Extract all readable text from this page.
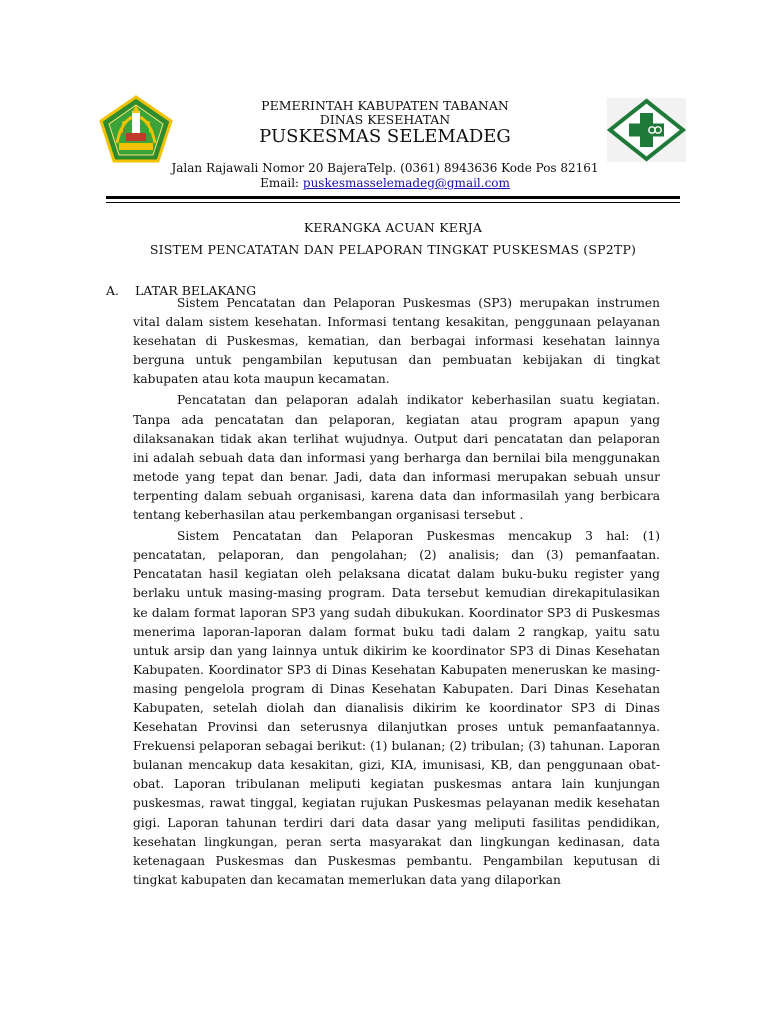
PEMERINTAH KABUPATEN TABANAN
DINAS KESEHATAN
PUSKESMAS SELEMADEG
Jalan Rajawali Nomor 20 BajeraTelp. (0361) 8943636 Kode Pos 82161
Email: puskesmasselemadeg@gmail.com
KERANGKA ACUAN KERJA
SISTEM PENCATATAN DAN PELAPORAN TINGKAT PUSKESMAS (SP2TP)
A. LATAR BELAKANG

Sistem Pencatatan dan Pelaporan Puskesmas (SP3) merupakan instrumen vital dalam sistem kesehatan. Informasi tentang kesakitan, penggunaan pelayanan kesehatan di Puskesmas, kematian, dan berbagai informasi kesehatan lainnya berguna untuk pengambilan keputusan dan pembuatan kebijakan di tingkat kabupaten atau kota maupun kecamatan.

Pencatatan dan pelaporan adalah indikator keberhasilan suatu kegiatan. Tanpa ada pencatatan dan pelaporan, kegiatan atau program apapun yang dilaksanakan tidak akan terlihat wujudnya. Output dari pencatatan dan pelaporan ini adalah sebuah data dan informasi yang berharga dan bernilai bila menggunakan metode yang tepat dan benar. Jadi, data dan informasi merupakan sebuah unsur terpenting dalam sebuah organisasi, karena data dan informasilah yang berbicara tentang keberhasilan atau perkembangan organisasi tersebut .

Sistem Pencatatan dan Pelaporan Puskesmas mencakup 3 hal: (1) pencatatan, pelaporan, dan pengolahan; (2) analisis; dan (3) pemanfaatan. Pencatatan hasil kegiatan oleh pelaksana dicatat dalam buku-buku register yang berlaku untuk masing-masing program. Data tersebut kemudian direkapitulasikan ke dalam format laporan SP3 yang sudah dibukukan. Koordinator SP3 di Puskesmas menerima laporan-laporan dalam format buku tadi dalam 2 rangkap, yaitu satu untuk arsip dan yang lainnya untuk dikirim ke koordinator SP3 di Dinas Kesehatan Kabupaten. Koordinator SP3 di Dinas Kesehatan Kabupaten meneruskan ke masing-masing pengelola program di Dinas Kesehatan Kabupaten. Dari Dinas Kesehatan Kabupaten, setelah diolah dan dianalisis dikirim ke koordinator SP3 di Dinas Kesehatan Provinsi dan seterusnya dilanjutkan proses untuk pemanfaatannya. Frekuensi pelaporan sebagai berikut: (1) bulanan; (2) tribulan; (3) tahunan. Laporan bulanan mencakup data kesakitan, gizi, KIA, imunisasi, KB, dan penggunaan obat-obat. Laporan tribulanan meliputi kegiatan puskesmas antara lain kunjungan puskesmas, rawat tinggal, kegiatan rujukan Puskesmas pelayanan medik kesehatan gigi. Laporan tahunan terdiri dari data dasar yang meliputi fasilitas pendidikan, kesehatan lingkungan, peran serta masyarakat dan lingkungan kedinasan, data ketenagaan Puskesmas dan Puskesmas pembantu. Pengambilan keputusan di tingkat kabupaten dan kecamatan memerlukan data yang dilaporkan
